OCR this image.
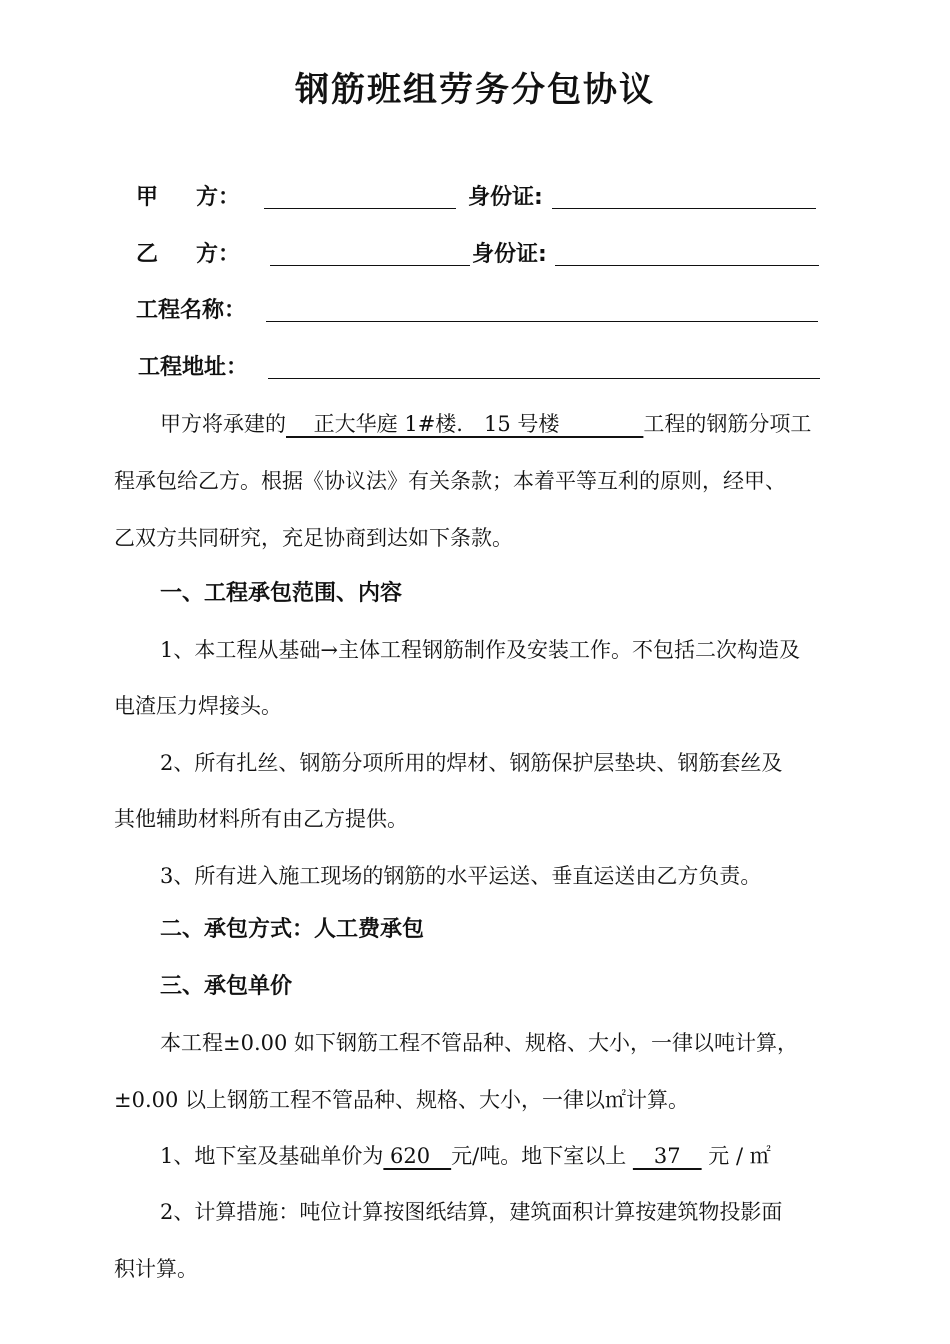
钢筋班组劳务分包协议
甲 方：	身份证:
乙 方：	身份证:
工程名称：
工程地址：
甲方将承建的　 正大华庭 1#楼.　15 号楼　　　　工程的钢筋分项工
程承包给乙方。根据《协议法》有关条款；本着平等互利的原则，经甲、
乙双方共同研究，充足协商到达如下条款。
一、工程承包范围、内容
1、本工程从基础→主体工程钢筋制作及安装工作。不包括二次构造及
电渣压力焊接头。
2、所有扎丝、钢筋分项所用的焊材、钢筋保护层垫块、钢筋套丝及
其他辅助材料所有由乙方提供。
3、所有进入施工现场的钢筋的水平运送、垂直运送由乙方负责。
二、承包方式：人工费承包
三、承包单价
本工程±0.00 如下钢筋工程不管品种、规格、大小，一律以吨计算，
±0.00 以上钢筋工程不管品种、规格、大小，一律以㎡计算。
1、地下室及基础单价为 620　元/吨。地下室以上 　37　 元 / ㎡
2、计算措施：吨位计算按图纸结算，建筑面积计算按建筑物投影面
积计算。
